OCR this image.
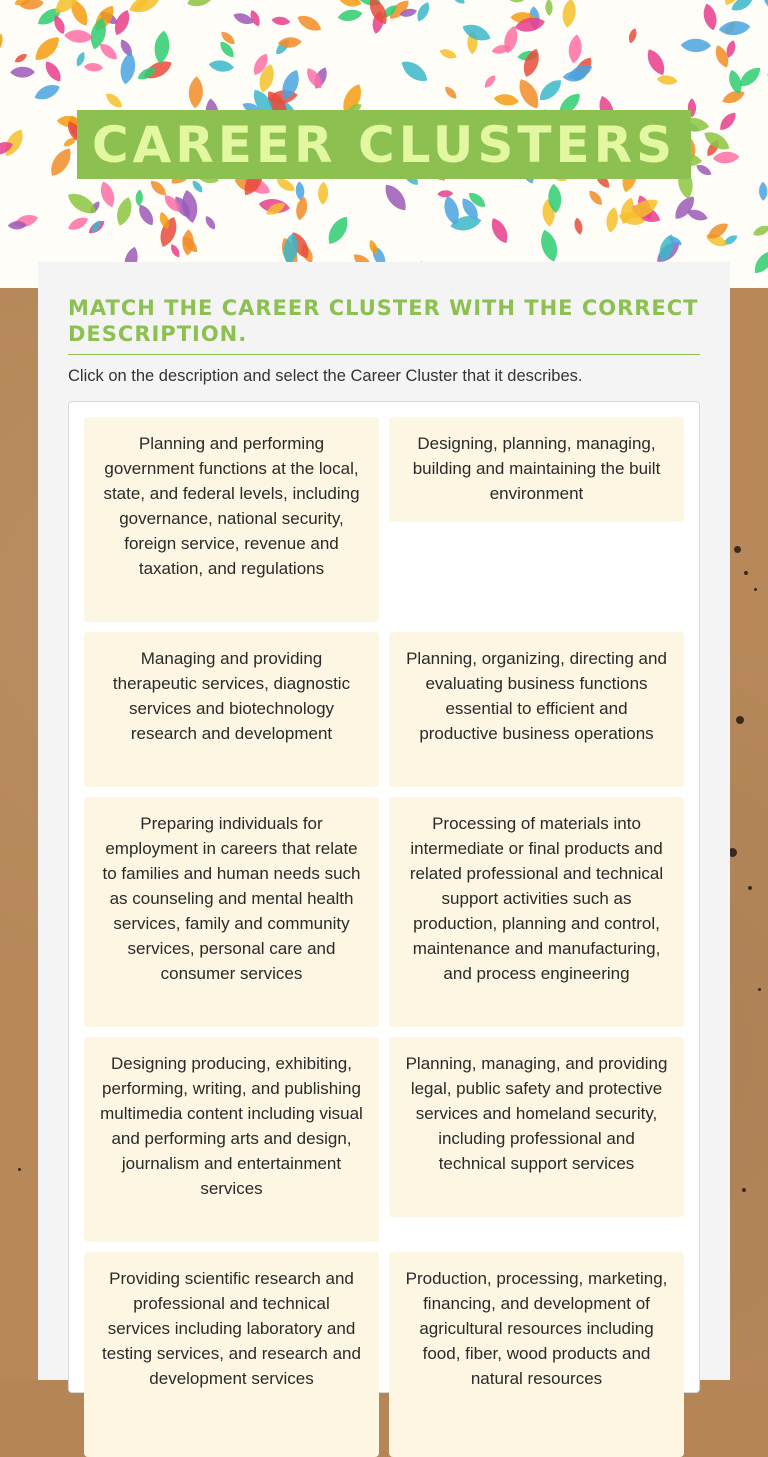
CAREER CLUSTERS
MATCH THE CAREER CLUSTER WITH THE CORRECT DESCRIPTION.

Click on the description and select the Career Cluster that it describes.

Planning and performing government functions at the local, state, and federal levels, including governance, national security, foreign service, revenue and taxation, and regulations
Designing, planning, managing, building and maintaining the built environment
Managing and providing therapeutic services, diagnostic services and biotechnology research and development
Planning, organizing, directing and evaluating business functions essential to efficient and productive business operations
Preparing individuals for employment in careers that relate to families and human needs such as counseling and mental health services, family and community services, personal care and consumer services
Processing of materials into intermediate or final products and related professional and technical support activities such as production, planning and control, maintenance and manufacturing, and process engineering
Designing producing, exhibiting, performing, writing, and publishing multimedia content including visual and performing arts and design, journalism and entertainment services
Planning, managing, and providing legal, public safety and protective services and homeland security, including professional and technical support services
Providing scientific research and professional and technical services including laboratory and testing services, and research and development services
Production, processing, marketing, financing, and development of agricultural resources including food, fiber, wood products and natural resources
